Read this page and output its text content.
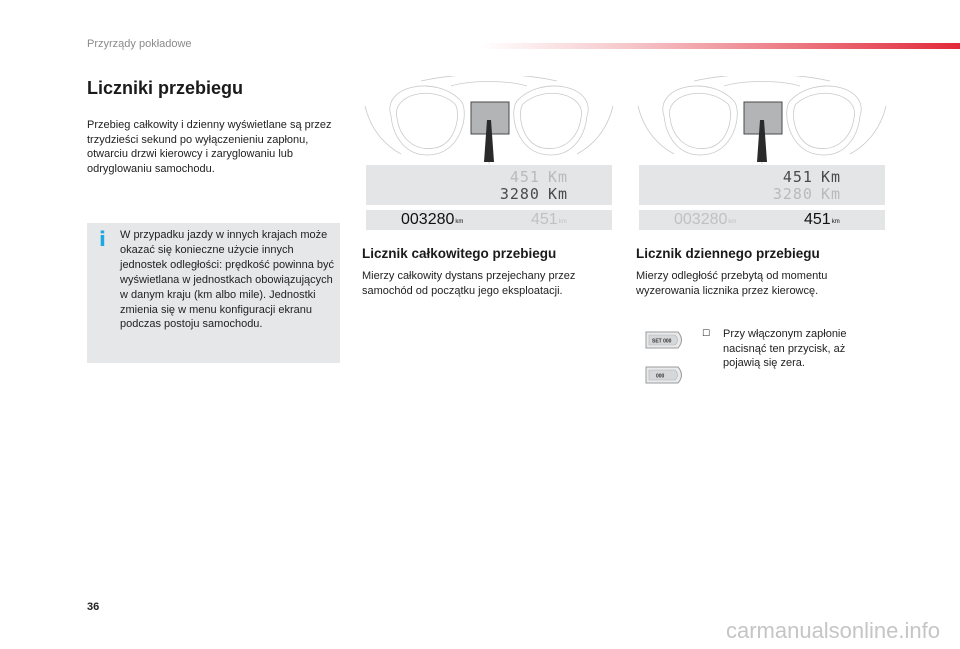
Przyrządy pokładowe
Liczniki przebiegu

Przebieg całkowity i dzienny wyświetlane są przez trzydzieści sekund po wyłączenieniu zapłonu, otwarciu drzwi kierowcy i zaryglowaniu lub odryglowaniu samochodu.

i W przypadku jazdy w innych krajach może okazać się konieczne użycie innych jednostek odległości: prędkość powinna być wyświetlana w jednostkach obowiązujących w danym kraju (km albo mile). Jednostki zmienia się w menu konfiguracji ekranu podczas postoju samochodu.

451 Km
3280 Km
003280km	451km
451 Km
3280 Km
003280km	451km
Licznik całkowitego przebiegu

Mierzy całkowity dystans przejechany przez samochód od początku jego eksploatacji.

Licznik dziennego przebiegu

Mierzy odległość przebytą od momentu wyzerowania licznika przez kierowcę.

SET 000
000
☐ Przy włączonym zapłonie nacisnąć ten przycisk, aż pojawią się zera.

36
carmanualsonline.info
